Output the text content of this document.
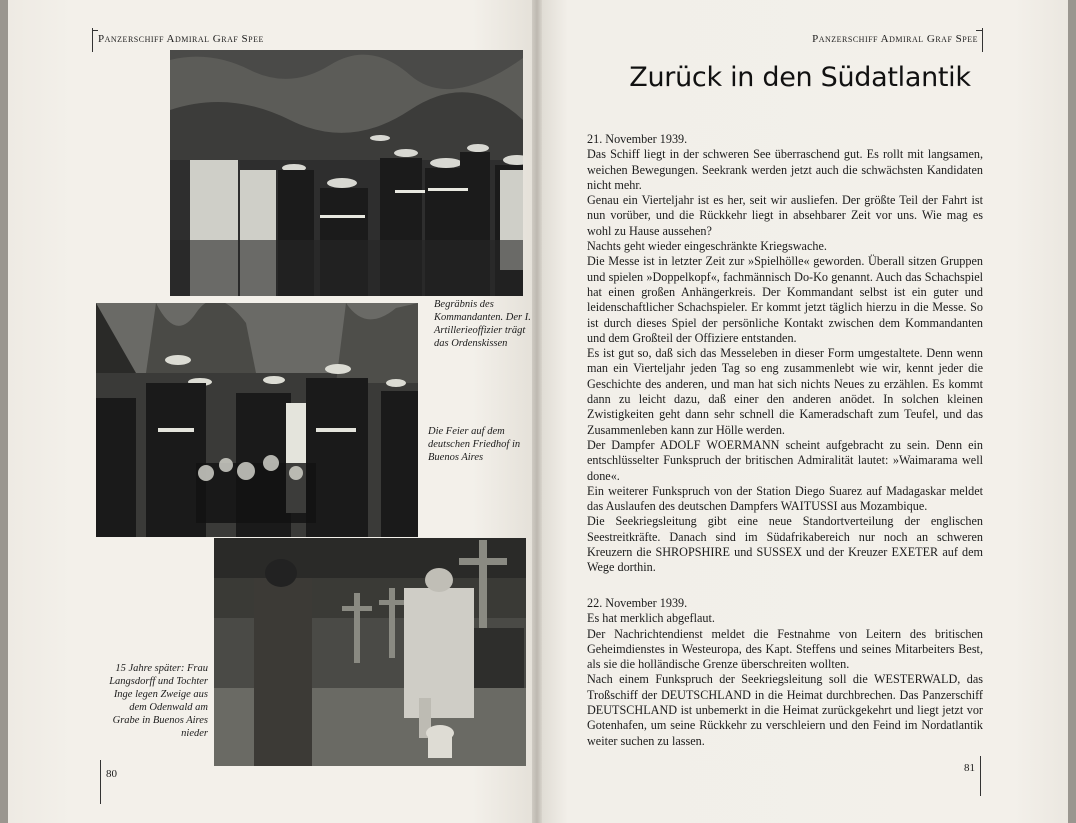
Panzerschiff Admiral Graf Spee	Panzerschiff Admiral Graf Spee
Begräbnis des Kommandanten. Der I. Artillerieoffizier trägt das Ordenskissen
Die Feier auf dem deutschen Friedhof in Buenos Aires
15 Jahre später: Frau Langsdorff und Tochter Inge legen Zweige aus dem Odenwald am Grabe in Buenos Aires nieder
80
Zurück in den Südatlantik

21. November 1939.

Das Schiff liegt in der schweren See überraschend gut. Es rollt mit langsamen, weichen Bewegungen. Seekrank werden jetzt auch die schwächsten Kandidaten nicht mehr.

Genau ein Vierteljahr ist es her, seit wir ausliefen. Der größte Teil der Fahrt ist nun vorüber, und die Rückkehr liegt in absehbarer Zeit vor uns. Wie mag es wohl zu Hause aussehen?

Nachts geht wieder eingeschränkte Kriegswache.

Die Messe ist in letzter Zeit zur »Spielhölle« geworden. Überall sitzen Gruppen und spielen »Doppelkopf«, fachmännisch Do-Ko genannt. Auch das Schachspiel hat einen großen Anhängerkreis. Der Kommandant selbst ist ein guter und leidenschaftlicher Schachspieler. Er kommt jetzt täglich hierzu in die Messe. So ist durch dieses Spiel der persönliche Kontakt zwischen dem Kommandanten und dem Großteil der Offiziere entstanden.

Es ist gut so, daß sich das Messeleben in dieser Form umgestaltete. Denn wenn man ein Vierteljahr jeden Tag so eng zusammenlebt wie wir, kennt jeder die Geschichte des anderen, und man hat sich nichts Neues zu erzählen. Es kommt dann zu leicht dazu, daß einer den anderen anödet. In solchen kleinen Zwistigkeiten geht dann sehr schnell die Kameradschaft zum Teufel, und das Zusammenleben kann zur Hölle werden.

Der Dampfer ADOLF WOERMANN scheint aufgebracht zu sein. Denn ein entschlüsselter Funkspruch der britischen Admiralität lautet: »Waimarama well done«.

Ein weiterer Funkspruch von der Station Diego Suarez auf Madagaskar meldet das Auslaufen des deutschen Dampfers WAITUSSI aus Mozambique.

Die Seekriegsleitung gibt eine neue Standortverteilung der englischen Seestreitkräfte. Danach sind im Südafrikabereich nur noch an schweren Kreuzern die SHROPSHIRE und SUSSEX und der Kreuzer EXETER auf dem Wege dorthin.

22. November 1939.

Es hat merklich abgeflaut.

Der Nachrichtendienst meldet die Festnahme von Leitern des britischen Geheimdienstes in Westeuropa, des Kapt. Steffens und seines Mitarbeiters Best, als sie die holländische Grenze überschreiten wollten.

Nach einem Funkspruch der Seekriegsleitung soll die WESTERWALD, das Troßschiff der DEUTSCHLAND in die Heimat durchbrechen. Das Panzerschiff DEUTSCHLAND ist unbemerkt in die Heimat zurückgekehrt und liegt jetzt vor Gotenhafen, um seine Rückkehr zu verschleiern und den Feind im Nordatlantik weiter suchen zu lassen.

81
